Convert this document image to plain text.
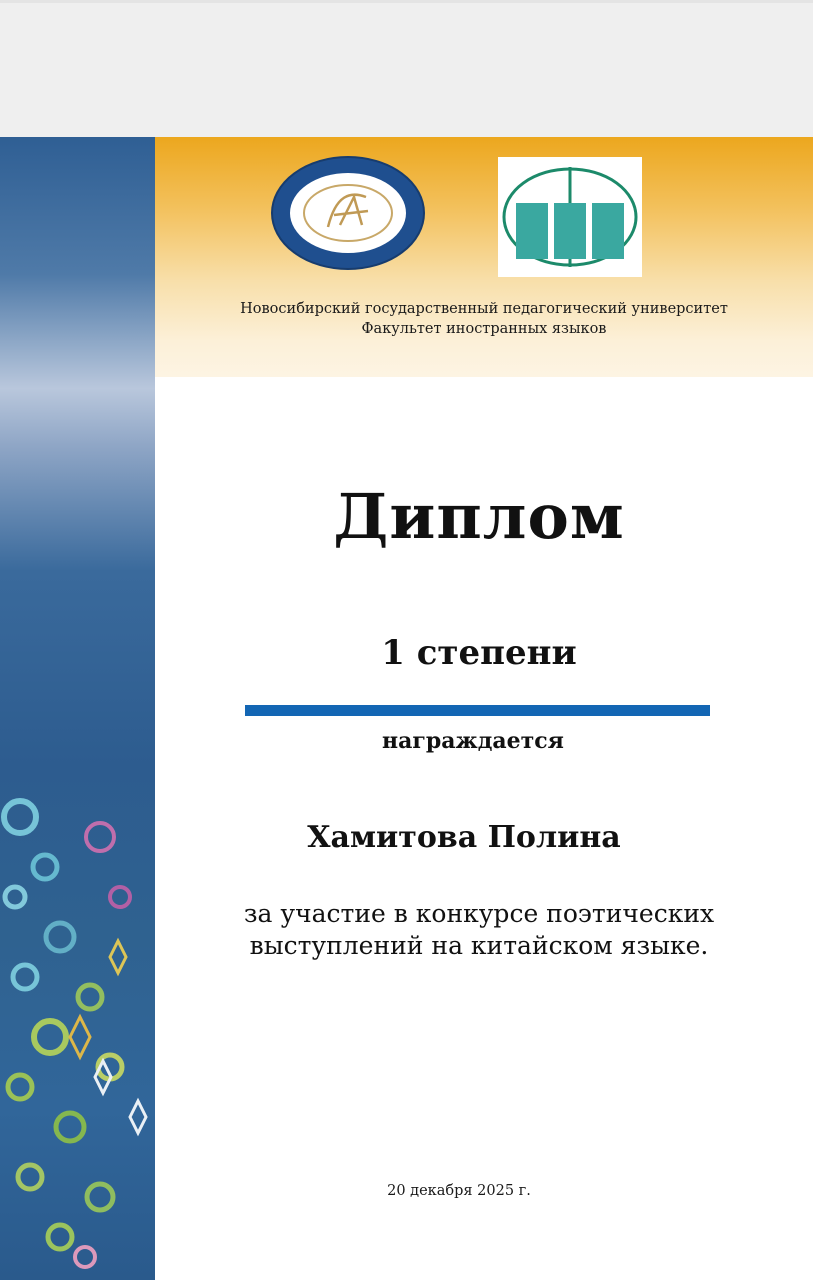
Новосибирский государственный педагогический университет
Факультет иностранных языков
Диплом
1 степени
награждается
Хамитова Полина
за участие в конкурсе поэтических
выступлений на китайском языке.
20 декабря 2025 г.
